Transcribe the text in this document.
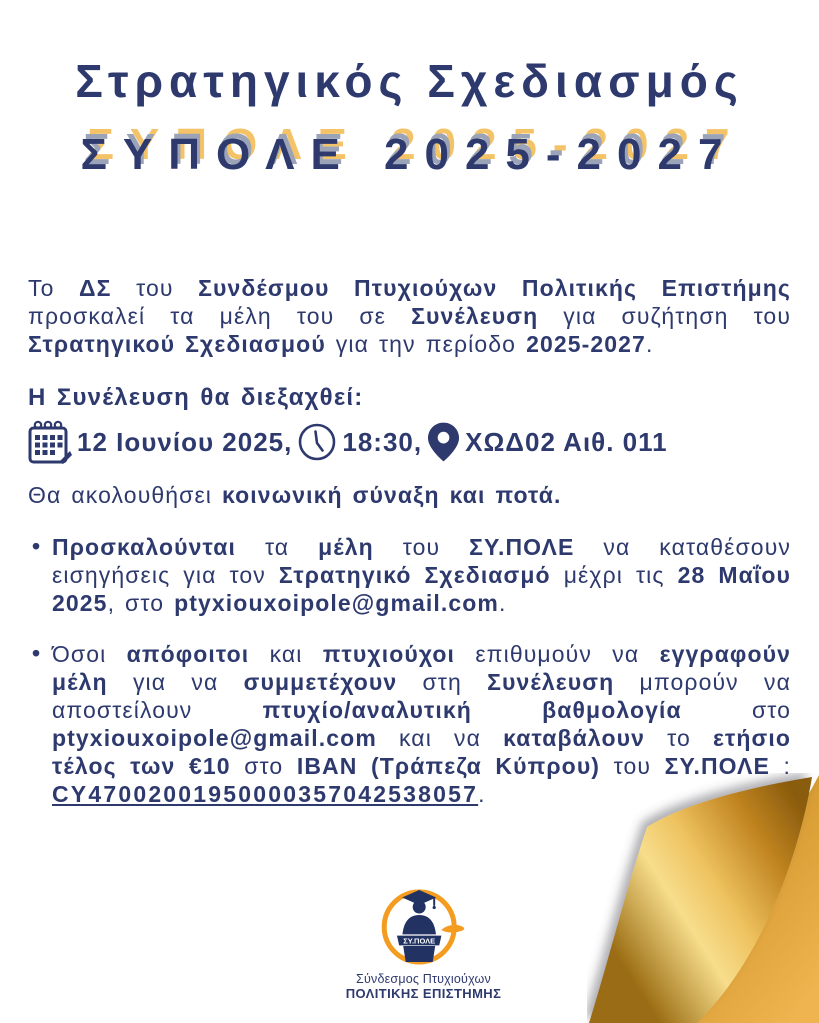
Στρατηγικός Σχεδιασμός
ΣΥΠΟΛΕ 2025-2027

Το ΔΣ του Συνδέσμου Πτυχιούχων Πολιτικής Επιστήμης προσκαλεί τα μέλη του σε Συνέλευση για συζήτηση του Στρατηγικού Σχεδιασμού για την περίοδο 2025-2027.

Η Συνέλευση θα διεξαχθεί:

12 Ιουνίου 2025, 18:30, ΧΩΔ02 Αιθ. 011

Θα ακολουθήσει κοινωνική σύναξη και ποτά.

• Προσκαλούνται τα μέλη του ΣΥ.ΠΟΛΕ να καταθέσουν εισηγήσεις για τον Στρατηγικό Σχεδιασμό μέχρι τις 28 Μαΐου 2025, στο ptyxiouxoipole@gmail.com.
• Όσοι απόφοιτοι και πτυχιούχοι επιθυμούν να εγγραφούν μέλη για να συμμετέχουν στη Συνέλευση μπορούν να αποστείλουν πτυχίο/αναλυτική βαθμολογία στο ptyxiouxoipole@gmail.com και να καταβάλουν το ετήσιο τέλος των €10 στο ΙΒΑΝ (Τράπεζα Κύπρου) του ΣΥ.ΠΟΛΕ : CY47002001950000357042538057.
ΣΥ.ΠΟΛΕ
Σύνδεσμος Πτυχιούχων
ΠΟΛΙΤΙΚΗΣ ΕΠΙΣΤΗΜΗΣ
